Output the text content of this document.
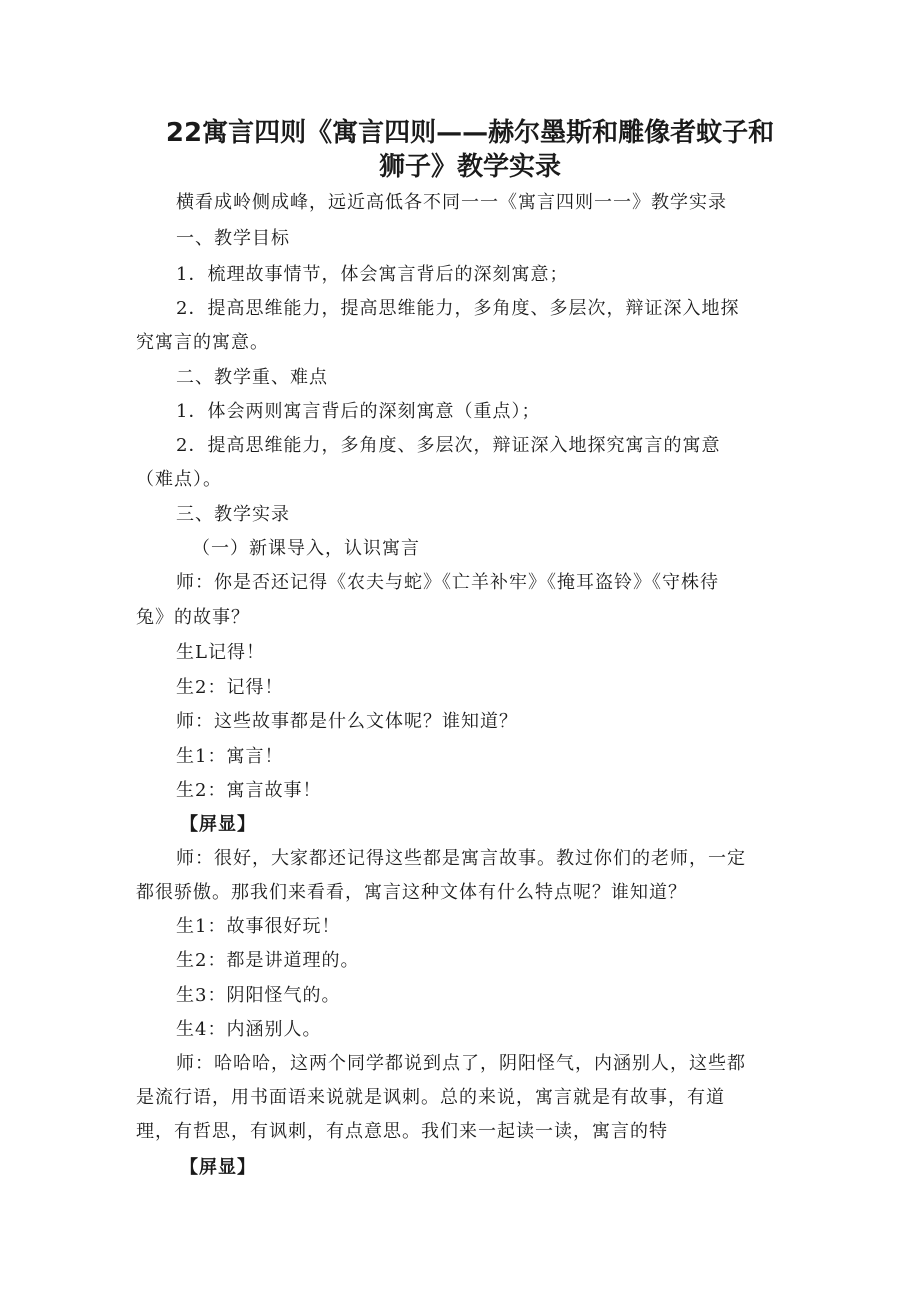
22寓言四则《寓言四则——赫尔墨斯和雕像者蚊子和
狮子》教学实录
横看成岭侧成峰，远近高低各不同一一《寓言四则一一》教学实录
一、教学目标
1．梳理故事情节，体会寓言背后的深刻寓意；
2．提高思维能力，提高思维能力，多角度、多层次，辩证深入地探
究寓言的寓意。
二、教学重、难点
1．体会两则寓言背后的深刻寓意（重点）；
2．提高思维能力，多角度、多层次，辩证深入地探究寓言的寓意
（难点）。
三、教学实录
（一）新课导入，认识寓言
师：你是否还记得《农夫与蛇》《亡羊补牢》《掩耳盗铃》《守株待
兔》的故事？
生L记得！
生2：记得！
师：这些故事都是什么文体呢？谁知道？
生1：寓言！
生2：寓言故事！
【屏显】
师：很好，大家都还记得这些都是寓言故事。教过你们的老师，一定
都很骄傲。那我们来看看，寓言这种文体有什么特点呢？谁知道？
生1：故事很好玩！
生2：都是讲道理的。
生3：阴阳怪气的。
生4：内涵别人。
师：哈哈哈，这两个同学都说到点了，阴阳怪气，内涵别人，这些都
是流行语，用书面语来说就是讽刺。总的来说，寓言就是有故事，有道
理，有哲思，有讽刺，有点意思。我们来一起读一读，寓言的特
【屏显】
